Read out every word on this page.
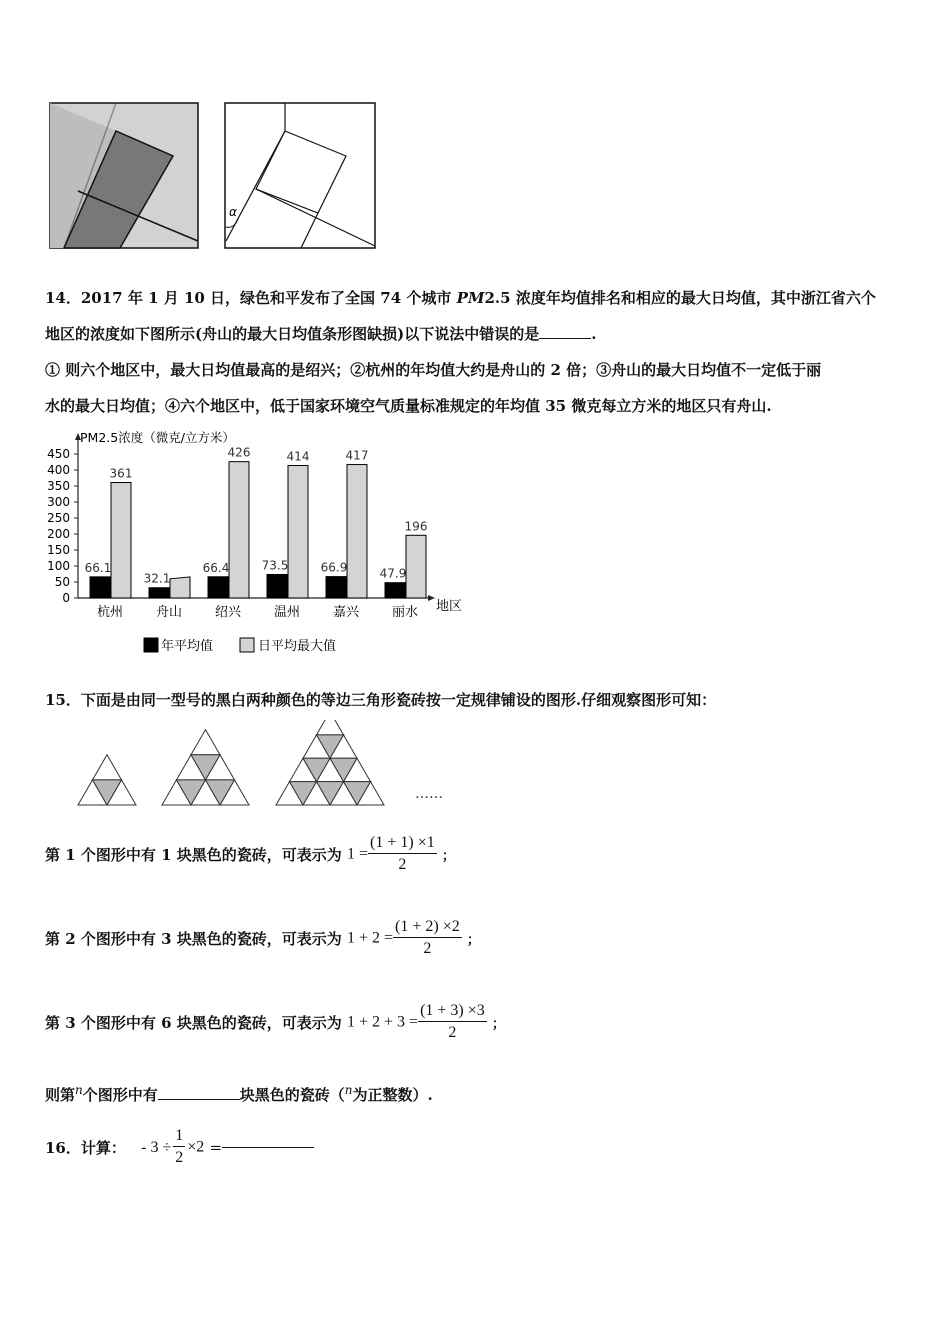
α
14．2017 年 1 月 10 日，绿色和平发布了全国 74 个城市 PM2.5 浓度年均值排名和相应的最大日均值，其中浙江省六个
地区的浓度如下图所示(舟山的最大日均值条形图缺损)以下说法中错误的是	.
① 则六个地区中，最大日均值最高的是绍兴；②杭州的年均值大约是舟山的 2 倍；③舟山的最大日均值不一定低于丽
水的最大日均值；④六个地区中，低于国家环境空气质量标准规定的年均值 35 微克每立方米的地区只有舟山.
PM2.5浓度（微克/立方米）
地区
0
50
100
150
200
250
300
350
400
450
66.1
361
杭州
32.1
舟山
66.4
426
绍兴
73.5
414
温州
66.9
417
嘉兴
47.9
196
丽水
年平均值	日平均最大值
15．下面是由同一型号的黑白两种颜色的等边三角形瓷砖按一定规律铺设的图形.仔细观察图形可知：
……
第 1 个图形中有 1 块黑色的瓷砖，可表示为 $1 = \frac{(1 + 1) \times 1}{2}$ ；
第 2 个图形中有 3 块黑色的瓷砖，可表示为 $1 + 2 = \frac{(1 + 2) \times 2}{2}$ ；
第 3 个图形中有 6 块黑色的瓷砖，可表示为 $1 + 2 + 3 = \frac{(1 + 3) \times 3}{2}$ ；
则第$^n$个图形中有	块黑色的瓷砖（$^n$为正整数）.
16．计算： - $3 \div \frac{1}{2} \times 2$ =
